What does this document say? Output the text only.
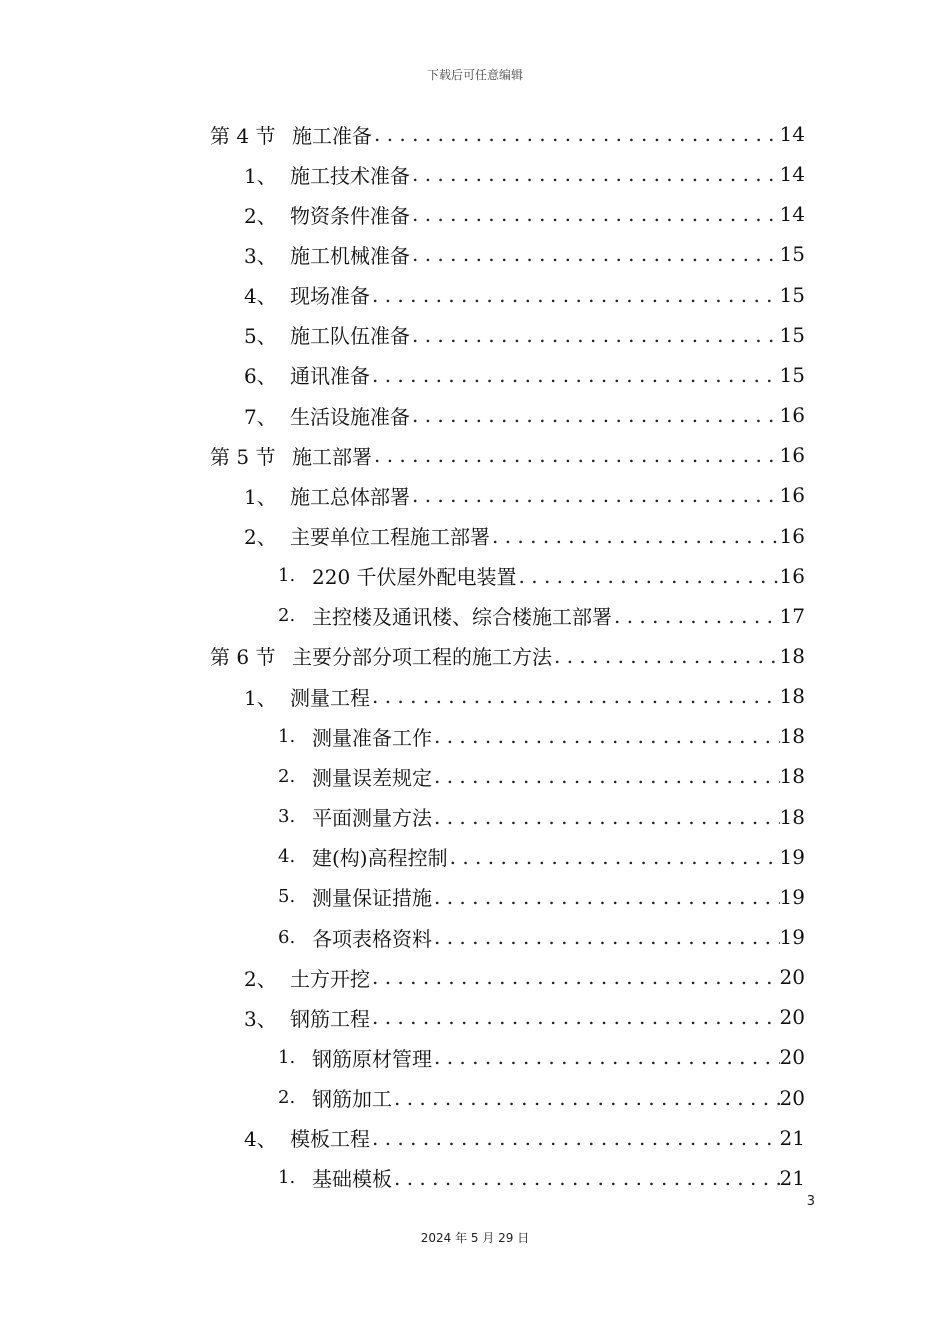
下载后可任意编辑
第 4 节 施工准备 . . .	14
1、 施工技术准备 . . .	14
2、 物资条件准备 . . .	14
3、 施工机械准备 . . .	15
4、 现场准备 . . .	15
5、 施工队伍准备 . . .	15
6、 通讯准备 . . .	15
7、 生活设施准备 . . .	16
第 5 节 施工部署 . . .	16
1、 施工总体部署 . . .	16
2、 主要单位工程施工部署 . . .	16
1. 220 千伏屋外配电装置 . . .	16
2. 主控楼及通讯楼、综合楼施工部署 . . .	17
第 6 节 主要分部分项工程的施工方法 . . .	18
1、 测量工程 . . .	18
1. 测量准备工作 . . .	18
2. 测量误差规定 . . .	18
3. 平面测量方法 . . .	18
4. 建(构)高程控制 . . .	19
5. 测量保证措施 . . .	19
6. 各项表格资料 . . .	19
2、 土方开挖 . . .	20
3、 钢筋工程 . . .	20
1. 钢筋原材管理 . . .	20
2. 钢筋加工 . . .	20
4、 模板工程 . . .	21
1. 基础模板 . . .	21
3
2024 年 5 月 29 日
